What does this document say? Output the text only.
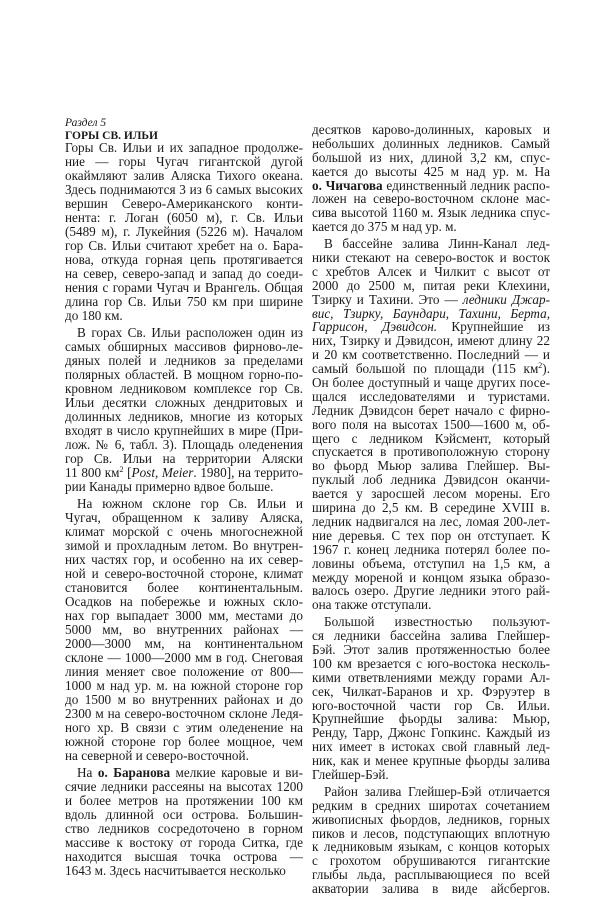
Раздел 5
ГОРЫ СВ. ИЛЬИ
Горы Св. Ильи и их западное продолже-
ние — горы Чугач гигантской дугой
окаймляют залив Аляска Тихого океана.
Здесь поднимаются 3 из 6 самых высоких
вершин Северо-Американского конти-
нента: г. Логан (6050 м), г. Св. Ильи
(5489 м), г. Лукейния (5226 м). Началом
гор Св. Ильи считают хребет на о. Бара-
нова, откуда горная цепь протягивается
на север, северо-запад и запад до соеди-
нения с горами Чугач и Врангель. Общая
длина гор Св. Ильи 750 км при ширине
до 180 км.
В горах Св. Ильи расположен один из
самых обширных массивов фирново-ле-
дяных полей и ледников за пределами
полярных областей. В мощном горно-по-
кровном ледниковом комплексе гор Св.
Ильи десятки сложных дендритовых и
долинных ледников, многие из которых
входят в число крупнейших в мире (При-
лож. № 6, табл. 3). Площадь оледенения
гор Св. Ильи на территории Аляски
11 800 $км^2$ [Post, Meier. 1980], на террито-
рии Канады примерно вдвое больше.
На южном склоне гор Св. Ильи и
Чугач, обращенном к заливу Аляска,
климат морской с очень многоснежной
зимой и прохладным летом. Во внутрен-
них частях гор, и особенно на их север-
ной и северо-восточной стороне, климат
становится более континентальным.
Осадков на побережье и южных скло-
нах гор выпадает 3000 мм, местами до
5000 мм, во внутренних районах —
2000—3000 мм, на континентальном
склоне — 1000—2000 мм в год. Снеговая
линия меняет свое положение от 800—
1000 м над ур. м. на южной стороне гор
до 1500 м во внутренних районах и до
2300 м на северо-восточном склоне Ледя-
ного хр. В связи с этим оледенение на
южной стороне гор более мощное, чем
на северной и северо-восточной.
На о. Баранова мелкие каровые и ви-
сячие ледники рассеяны на высотах 1200
и более метров на протяжении 100 км
вдоль длинной оси острова. Большин-
ство ледников сосредоточено в горном
массиве к востоку от города Ситка, где
находится высшая точка острова —
1643 м. Здесь насчитывается несколько
десятков карово-долинных, каровых и
небольших долинных ледников. Самый
большой из них, длиной 3,2 км, спус-
кается до высоты 425 м над ур. м. На
о. Чичагова единственный ледник распо-
ложен на северо-восточном склоне мас-
сива высотой 1160 м. Язык ледника спус-
кается до 375 м над ур. м.
В бассейне залива Линн-Канал лед-
ники стекают на северо-восток и восток
с хребтов Алсек и Чилкит с высот от
2000 до 2500 м, питая реки Клехини,
Тзирку и Тахини. Это — ледники Джар-
вис, Тзирку, Баундари, Тахини, Берта,
Гаррисон, Дэвидсон. Крупнейшие из
них, Тзирку и Дэвидсон, имеют длину 22
и 20 км соответственно. Последний — и
самый большой по площади (115 $км^2$).
Он более доступный и чаще других посе-
щался исследователями и туристами.
Ледник Дэвидсон берет начало с фирно-
вого поля на высотах 1500—1600 м, об-
щего с ледником Кэйсмент, который
спускается в противоположную сторону
во фьорд Мьюр залива Глейшер. Вы-
пуклый лоб ледника Дэвидсон оканчи-
вается у заросшей лесом морены. Его
ширина до 2,5 км. В середине XVIII в.
ледник надвигался на лес, ломая 200-лет-
ние деревья. С тех пор он отступает. К
1967 г. конец ледника потерял более по-
ловины объема, отступил на 1,5 км, а
между мореной и концом языка образо-
валось озеро. Другие ледники этого рай-
она также отступали.
Большой известностью пользуют-
ся ледники бассейна залива Глейшер-
Бэй. Этот залив протяженностью более
100 км врезается с юго-востока несколь-
кими ответвлениями между горами Ал-
сек, Чилкат-Баранов и хр. Фэруэтер в
юго-восточной части гор Св. Ильи.
Крупнейшие фьорды залива: Мьюр,
Ренду, Тарр, Джонс Гопкинс. Каждый из
них имеет в истоках свой главный лед-
ник, как и менее крупные фьорды залива
Глейшер-Бэй.
Район залива Глейшер-Бэй отличается
редким в средних широтах сочетанием
живописных фьордов, ледников, горных
пиков и лесов, подступающих вплотную
к ледниковым языкам, с концов которых
с грохотом обрушиваются гигантские
глыбы льда, расплывающиеся по всей
акватории залива в виде айсбергов.
